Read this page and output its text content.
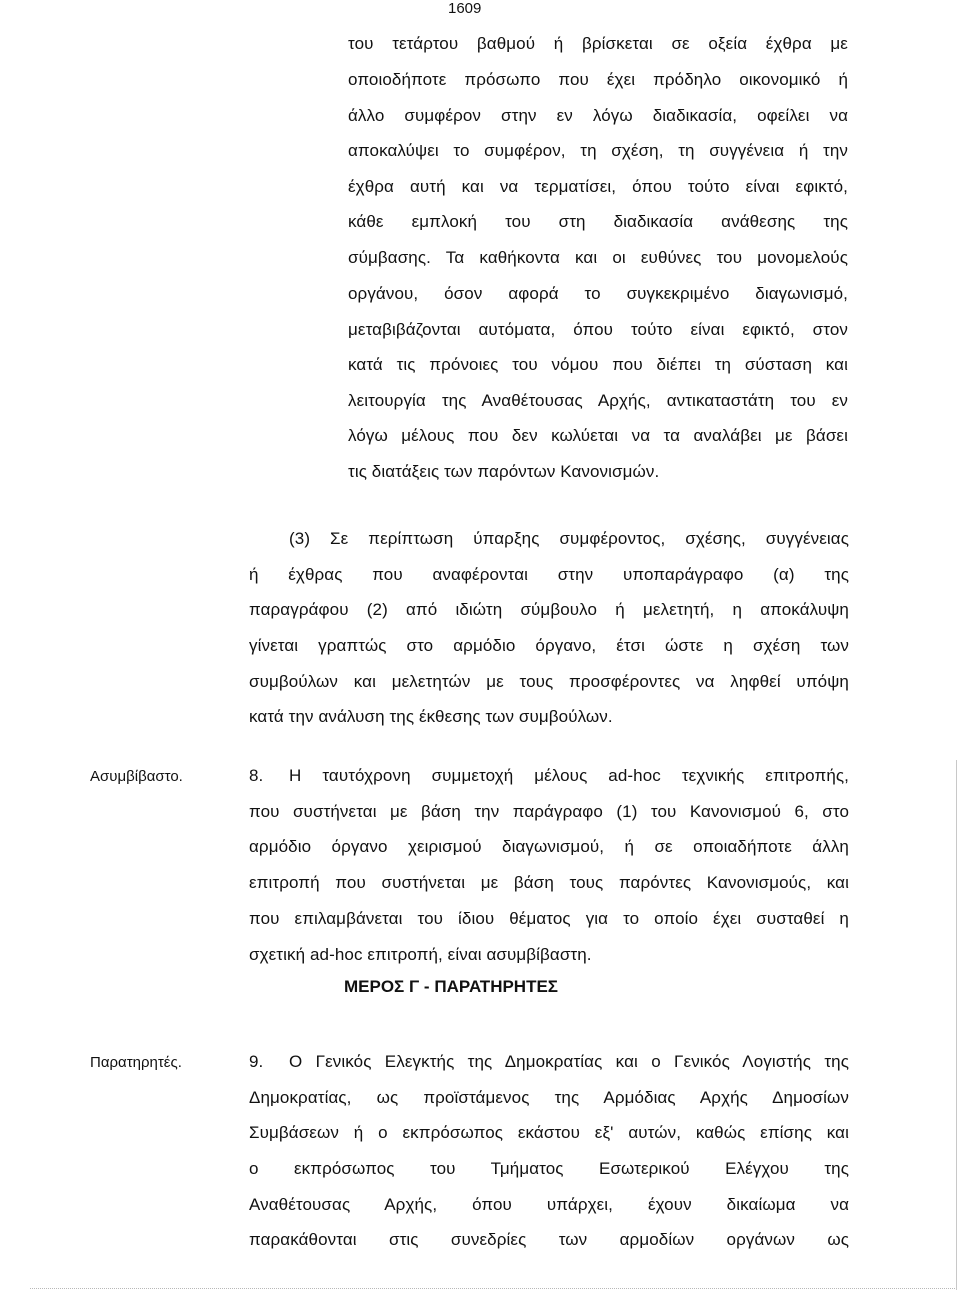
1609
του τετάρτου βαθμού ή βρίσκεται σε οξεία έχθρα με
οποιοδήποτε πρόσωπο που έχει πρόδηλο οικονομικό ή
άλλο συμφέρον στην εν λόγω διαδικασία, οφείλει να
αποκαλύψει το συμφέρον, τη σχέση, τη συγγένεια ή την
έχθρα αυτή και να τερματίσει, όπου τούτο είναι εφικτό,
κάθε εμπλοκή του στη διαδικασία ανάθεσης της
σύμβασης. Τα καθήκοντα και οι ευθύνες του μονομελούς
οργάνου, όσον αφορά το συγκεκριμένο διαγωνισμό,
μεταβιβάζονται αυτόματα, όπου τούτο είναι εφικτό, στον
κατά τις πρόνοιες του νόμου που διέπει τη σύσταση και
λειτουργία της Αναθέτουσας Αρχής, αντικαταστάτη του εν
λόγω μέλους που δεν κωλύεται να τα αναλάβει με βάσει
τις διατάξεις των παρόντων Κανονισμών.
(3) Σε περίπτωση ύπαρξης συμφέροντος, σχέσης, συγγένειας
ή έχθρας που αναφέρονται στην υποπαράγραφο (α) της
παραγράφου (2) από ιδιώτη σύμβουλο ή μελετητή, η αποκάλυψη
γίνεται γραπτώς στο αρμόδιο όργανο, έτσι ώστε η σχέση των
συμβούλων και μελετητών με τους προσφέροντες να ληφθεί υπόψη
κατά την ανάλυση της έκθεσης των συμβούλων.
Ασυμβίβαστο.	8. Η ταυτόχρονη συμμετοχή μέλους ad-hoc τεχνικής επιτροπής,
που συστήνεται με βάση την παράγραφο (1) του Κανονισμού 6, στο
αρμόδιο όργανο χειρισμού διαγωνισμού, ή σε οποιαδήποτε άλλη
επιτροπή που συστήνεται με βάση τους παρόντες Κανονισμούς, και
που επιλαμβάνεται του ίδιου θέματος για το οποίο έχει συσταθεί η
σχετική ad-hoc επιτροπή, είναι ασυμβίβαστη.
ΜΕΡΟΣ Γ - ΠΑΡΑΤΗΡΗΤΕΣ
Παρατηρητές.	9. Ο Γενικός Ελεγκτής της Δημοκρατίας και ο Γενικός Λογιστής της
Δημοκρατίας, ως προϊστάμενος της Αρμόδιας Αρχής Δημοσίων
Συμβάσεων ή ο εκπρόσωπος εκάστου εξ' αυτών, καθώς επίσης και
ο εκπρόσωπος του Τμήματος Εσωτερικού Ελέγχου της
Αναθέτουσας Αρχής, όπου υπάρχει, έχουν δικαίωμα να
παρακάθονται στις συνεδρίες των αρμοδίων οργάνων ως
